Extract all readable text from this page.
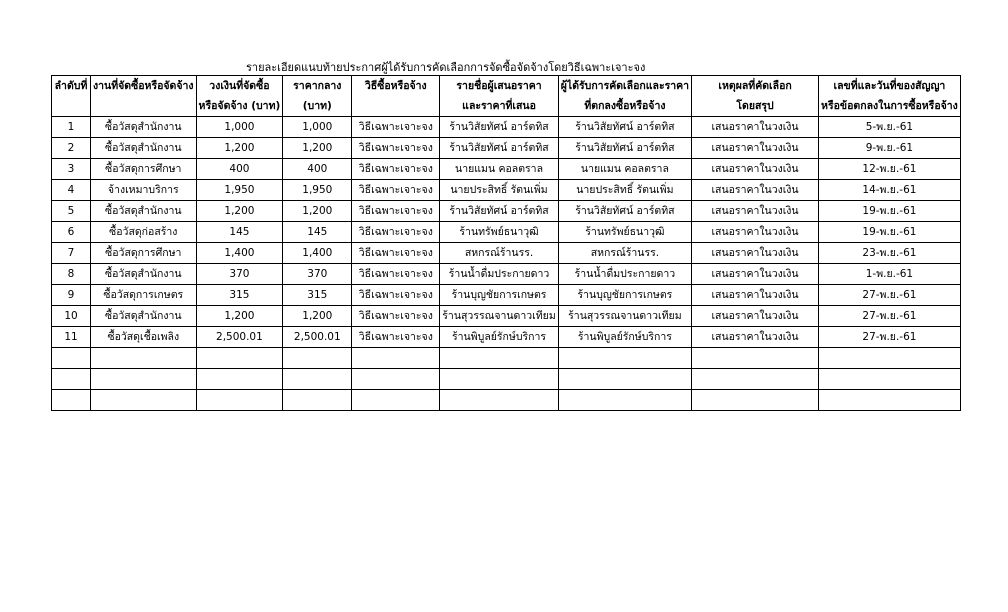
รายละเอียดแนบท้ายประกาศผู้ได้รับการคัดเลือกการจัดซื้อจัดจ้างโดยวิธีเฉพาะเจาะจง
ลำดับที่	งานที่จัดซื้อหรือจัดจ้าง	วงเงินที่จัดซื้อ	ราคากลาง	วิธีซื้อหรือจ้าง	รายชื่อผู้เสนอราคา	ผู้ได้รับการคัดเลือกและราคา	เหตุผลที่คัดเลือก	เลขที่และวันที่ของสัญญา
		หรือจัดจ้าง (บาท)	(บาท)		และราคาที่เสนอ	ที่ตกลงซื้อหรือจ้าง	โดยสรุป	หรือข้อตกลงในการซื้อหรือจ้าง
1	ซื้อวัสดุสำนักงาน	1,000	1,000	วิธีเฉพาะเจาะจง	ร้านวิสัยทัศน์ อาร์ตทิส	ร้านวิสัยทัศน์ อาร์ตทิส	เสนอราคาในวงเงิน	5-พ.ย.-61
2	ซื้อวัสดุสำนักงาน	1,200	1,200	วิธีเฉพาะเจาะจง	ร้านวิสัยทัศน์ อาร์ตทิส	ร้านวิสัยทัศน์ อาร์ตทิส	เสนอราคาในวงเงิน	9-พ.ย.-61
3	ซื้อวัสดุการศึกษา	400	400	วิธีเฉพาะเจาะจง	นายแมน คอลตราล	นายแมน คอลตราล	เสนอราคาในวงเงิน	12-พ.ย.-61
4	จ้างเหมาบริการ	1,950	1,950	วิธีเฉพาะเจาะจง	นายประสิทธิ์ รัตนเพิ่ม	นายประสิทธิ์ รัตนเพิ่ม	เสนอราคาในวงเงิน	14-พ.ย.-61
5	ซื้อวัสดุสำนักงาน	1,200	1,200	วิธีเฉพาะเจาะจง	ร้านวิสัยทัศน์ อาร์ตทิส	ร้านวิสัยทัศน์ อาร์ตทิส	เสนอราคาในวงเงิน	19-พ.ย.-61
6	ซื้อวัสดุก่อสร้าง	145	145	วิธีเฉพาะเจาะจง	ร้านทรัพย์ธนาวุฒิ	ร้านทรัพย์ธนาวุฒิ	เสนอราคาในวงเงิน	19-พ.ย.-61
7	ซื้อวัสดุการศึกษา	1,400	1,400	วิธีเฉพาะเจาะจง	สหกรณ์ร้านรร.	สหกรณ์ร้านรร.	เสนอราคาในวงเงิน	23-พ.ย.-61
8	ซื้อวัสดุสำนักงาน	370	370	วิธีเฉพาะเจาะจง	ร้านน้ำดื่มประกายดาว	ร้านน้ำดื่มประกายดาว	เสนอราคาในวงเงิน	1-พ.ย.-61
9	ซื้อวัสดุการเกษตร	315	315	วิธีเฉพาะเจาะจง	ร้านบุญชัยการเกษตร	ร้านบุญชัยการเกษตร	เสนอราคาในวงเงิน	27-พ.ย.-61
10	ซื้อวัสดุสำนักงาน	1,200	1,200	วิธีเฉพาะเจาะจง	ร้านสุวรรณจานดาวเทียม	ร้านสุวรรณจานดาวเทียม	เสนอราคาในวงเงิน	27-พ.ย.-61
11	ซื้อวัสดุเชื้อเพลิง	2,500.01	2,500.01	วิธีเฉพาะเจาะจง	ร้านพิบูลย์รักษ์บริการ	ร้านพิบูลย์รักษ์บริการ	เสนอราคาในวงเงิน	27-พ.ย.-61
